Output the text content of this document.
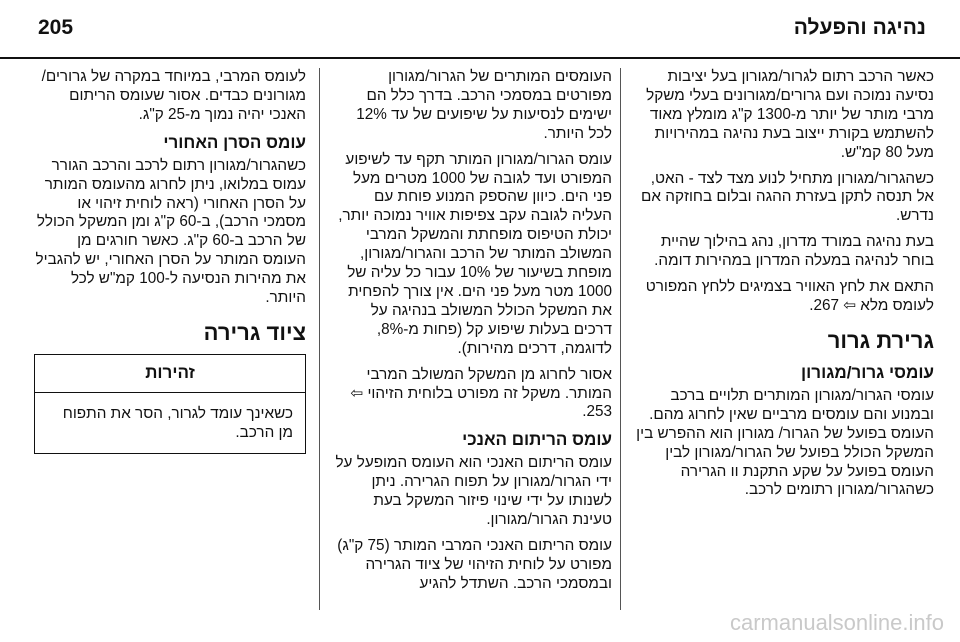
205	נהיגה והפעלה

כאשר הרכב רתום לגרור/מגורון בעל יציבות נסיעה נמוכה ועם גרורים/מגורונים בעלי משקל מרבי מותר של יותר מ-1300 ק"ג מומלץ מאוד להשתמש בקורת ייצוב בעת נהיגה במהירויות מעל 80 קמ"ש.

כשהגרור/מגורון מתחיל לנוע מצד לצד - האט, אל תנסה לתקן בעזרת ההגה ובלום בחוזקה אם נדרש.

בעת נהיגה במורד מדרון, נהג בהילוך שהיית בוחר לנהיגה במעלה המדרון במהירות דומה.

התאם את לחץ האוויר בצמיגים ללחץ המפורט לעומס מלא ⇦ 267.

גרירת גרור
עומסי גרור/מגורון

עומסי הגרור/מגורון המותרים תלויים ברכב ובמנוע והם עומסים מרביים שאין לחרוג מהם. העומס בפועל של הגרור/ מגורון הוא ההפרש בין המשקל הכולל בפועל של הגרור/מגורון לבין העומס בפועל על שקע התקנת וו הגרירה כשהגרור/מגורון רתומים לרכב.

העומסים המותרים של הגרור/מגורון מפורטים במסמכי הרכב. בדרך כלל הם ישימים לנסיעות על שיפועים של עד 12% לכל היותר.

עומס הגרור/מגורון המותר תקף עד לשיפוע המפורט ועד לגובה של 1000 מטרים מעל פני הים. כיוון שהספק המנוע פוחת עם העליה לגובה עקב צפיפות אוויר נמוכה יותר, יכולת הטיפוס מופחתת והמשקל המרבי המשולב המותר של הרכב והגרור/מגורון, מופחת בשיעור של 10% עבור כל עליה של 1000 מטר מעל פני הים. אין צורך להפחית את המשקל הכולל המשולב בנהיגה על דרכים בעלות שיפוע קל (פחות מ-8%, לדוגמה, דרכים מהירות).

אסור לחרוג מן המשקל המשולב המרבי המותר. משקל זה מפורט בלוחית הזיהוי ⇦ 253.

עומס הריתום האנכי

עומס הריתום האנכי הוא העומס המופעל על ידי הגרור/מגורון על תפוח הגרירה. ניתן לשנותו על ידי שינוי פיזור המשקל בעת טעינת הגרור/מגורון.

עומס הריתום האנכי המרבי המותר (75 ק"ג) מפורט על לוחית הזיהוי של ציוד הגרירה ובמסמכי הרכב. השתדל להגיע

לעומס המרבי, במיוחד במקרה של גרורים/ מגורונים כבדים. אסור שעומס הריתום האנכי יהיה נמוך מ-25 ק"ג.

עומס הסרן האחורי

כשהגרור/מגורון רתום לרכב והרכב הגורר עמוס במלואו, ניתן לחרוג מהעומס המותר על הסרן האחורי (ראה לוחית זיהוי או מסמכי הרכב), ב-60 ק"ג ומן המשקל הכולל של הרכב ב-60 ק"ג. כאשר חורגים מן העומס המותר על הסרן האחורי, יש להגביל את מהירות הנסיעה ל-100 קמ"ש לכל היותר.

ציוד גרירה
זהירות
כשאינך עומד לגרור, הסר את התפוח מן הרכב.
carmanualsonline.info
